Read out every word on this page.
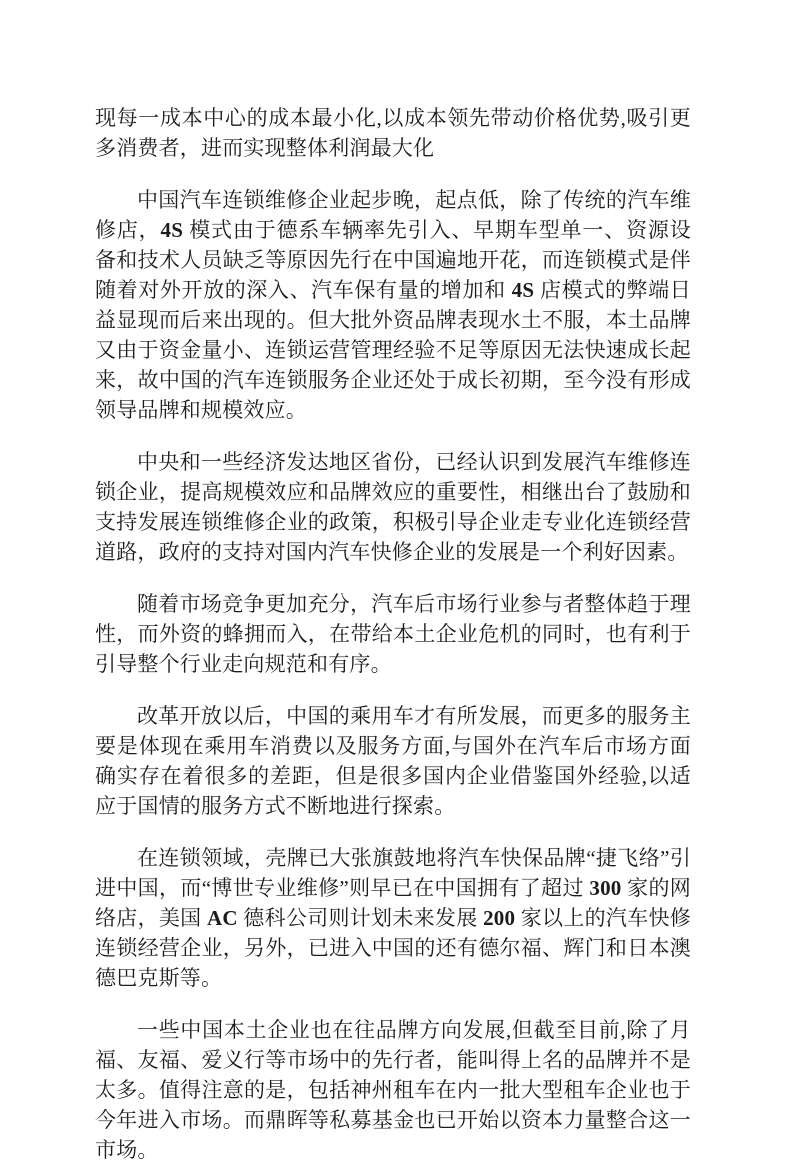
现每一成本中心的成本最小化,以成本领先带动价格优势,吸引更多消费者，进而实现整体利润最大化

中国汽车连锁维修企业起步晚，起点低，除了传统的汽车维修店，4S 模式由于德系车辆率先引入、早期车型单一、资源设备和技术人员缺乏等原因先行在中国遍地开花，而连锁模式是伴随着对外开放的深入、汽车保有量的增加和 4S 店模式的弊端日益显现而后来出现的。但大批外资品牌表现水土不服，本土品牌又由于资金量小、连锁运营管理经验不足等原因无法快速成长起来，故中国的汽车连锁服务企业还处于成长初期，至今没有形成领导品牌和规模效应。

中央和一些经济发达地区省份，已经认识到发展汽车维修连锁企业，提高规模效应和品牌效应的重要性，相继出台了鼓励和支持发展连锁维修企业的政策，积极引导企业走专业化连锁经营道路，政府的支持对国内汽车快修企业的发展是一个利好因素。

随着市场竞争更加充分，汽车后市场行业参与者整体趋于理性，而外资的蜂拥而入，在带给本土企业危机的同时，也有利于引导整个行业走向规范和有序。

改革开放以后，中国的乘用车才有所发展，而更多的服务主要是体现在乘用车消费以及服务方面,与国外在汽车后市场方面确实存在着很多的差距，但是很多国内企业借鉴国外经验,以适应于国情的服务方式不断地进行探索。

在连锁领域，壳牌已大张旗鼓地将汽车快保品牌“捷飞络”引进中国，而“博世专业维修”则早已在中国拥有了超过 300 家的网络店，美国 AC 德科公司则计划未来发展 200 家以上的汽车快修连锁经营企业，另外，已进入中国的还有德尔福、辉门和日本澳德巴克斯等。

一些中国本土企业也在往品牌方向发展,但截至目前,除了月福、友福、爱义行等市场中的先行者，能叫得上名的品牌并不是太多。值得注意的是，包括神州租车在内一批大型租车企业也于今年进入市场。而鼎晖等私募基金也已开始以资本力量整合这一市场。
